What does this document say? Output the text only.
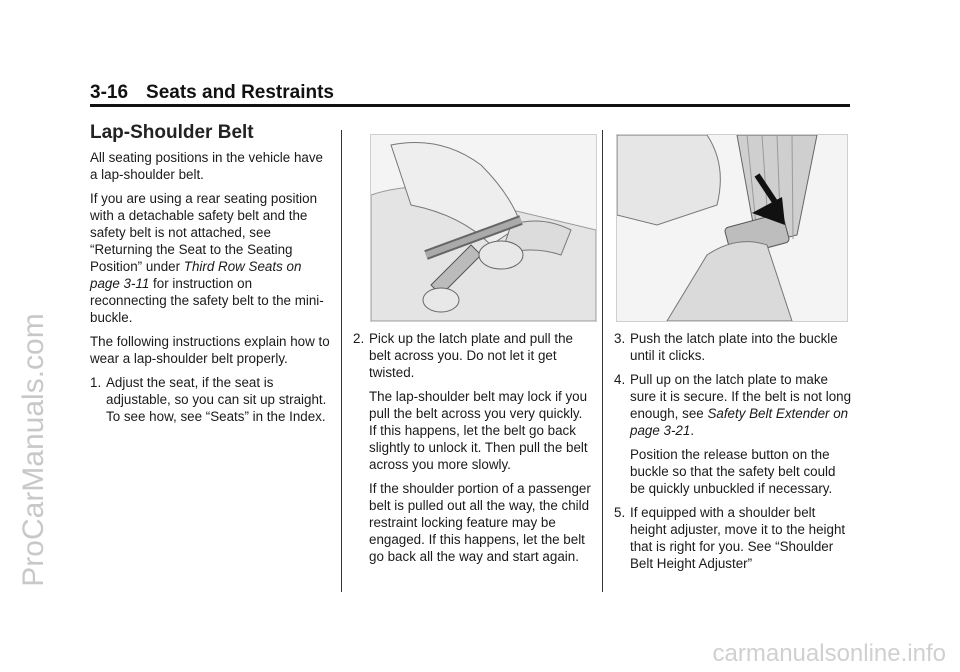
3-16 Seats and Restraints
Lap-Shoulder Belt

All seating positions in the vehicle have a lap-shoulder belt.

If you are using a rear seating position with a detachable safety belt and the safety belt is not attached, see “Returning the Seat to the Seating Position” under Third Row Seats on page 3-11 for instruction on reconnecting the safety belt to the mini-buckle.

The following instructions explain how to wear a lap-shoulder belt properly.

1. Adjust the seat, if the seat is adjustable, so you can sit up straight. To see how, see “Seats” in the Index.
2. Pick up the latch plate and pull the belt across you. Do not let it get twisted.
The lap-shoulder belt may lock if you pull the belt across you very quickly. If this happens, let the belt go back slightly to unlock it. Then pull the belt across you more slowly.
If the shoulder portion of a passenger belt is pulled out all the way, the child restraint locking feature may be engaged. If this happens, let the belt go back all the way and start again.
3. Push the latch plate into the buckle until it clicks.
4. Pull up on the latch plate to make sure it is secure. If the belt is not long enough, see Safety Belt Extender on page 3-21.
Position the release button on the buckle so that the safety belt could be quickly unbuckled if necessary.
5. If equipped with a shoulder belt height adjuster, move it to the height that is right for you. See “Shoulder Belt Height Adjuster”
ProCarManuals.com
carmanualsonline.info
